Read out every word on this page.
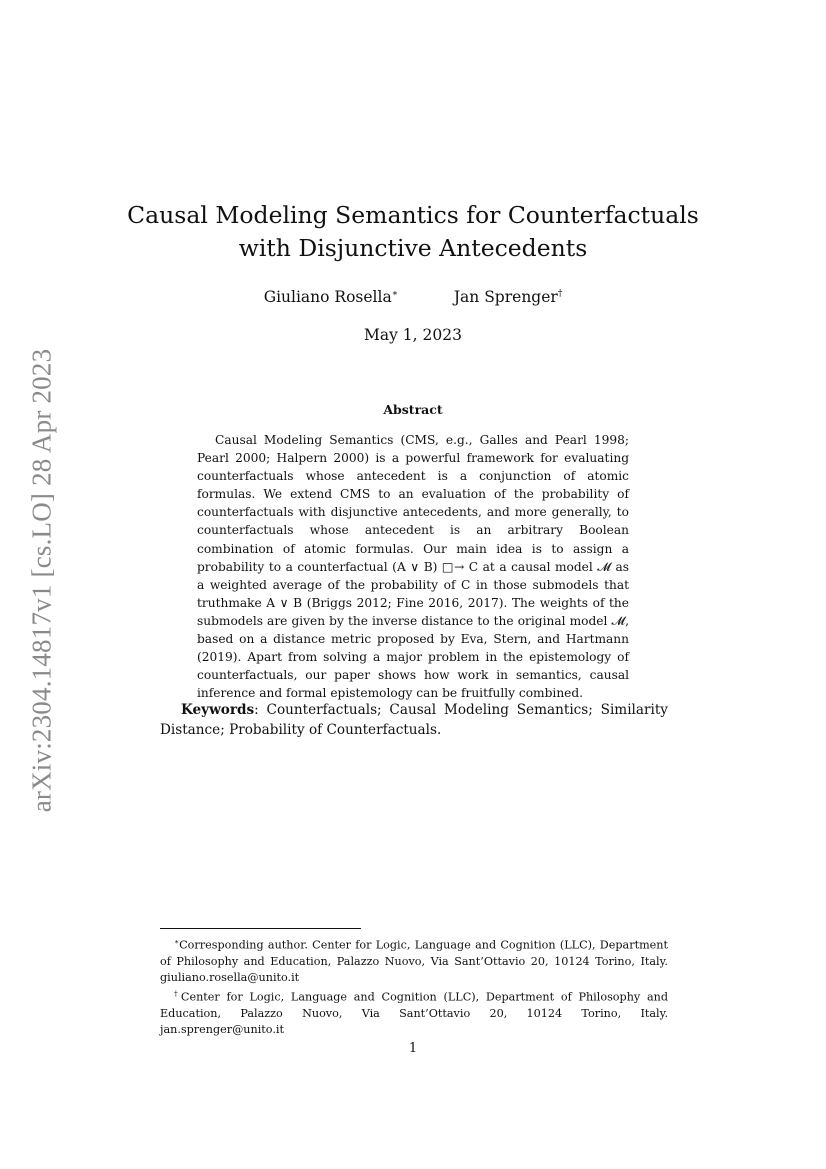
arXiv:2304.14817v1 [cs.LO] 28 Apr 2023
Causal Modeling Semantics for Counterfactuals
with Disjunctive Antecedents
Giuliano Rosella∗	Jan Sprenger†
May 1, 2023
Abstract

Causal Modeling Semantics (CMS, e.g., Galles and Pearl 1998; Pearl 2000; Halpern 2000) is a powerful framework for evaluating counterfactuals whose antecedent is a conjunction of atomic formulas. We extend CMS to an evaluation of the probability of counterfactuals with disjunctive antecedents, and more generally, to counterfactuals whose antecedent is an arbitrary Boolean combination of atomic formulas. Our main idea is to assign a probability to a counterfactual (A ∨ B) □→ C at a causal model 𝓜 as a weighted average of the probability of C in those submodels that truthmake A ∨ B (Briggs 2012; Fine 2016, 2017). The weights of the submodels are given by the inverse distance to the original model 𝓜, based on a distance metric proposed by Eva, Stern, and Hartmann (2019). Apart from solving a major problem in the epistemology of counterfactuals, our paper shows how work in semantics, causal inference and formal epistemology can be fruitfully combined.

Keywords: Counterfactuals; Causal Modeling Semantics; Similarity Distance; Probability of Counterfactuals.

∗Corresponding author. Center for Logic, Language and Cognition (LLC), Department of Philosophy and Education, Palazzo Nuovo, Via Sant’Ottavio 20, 10124 Torino, Italy. giuliano.rosella@unito.it

†Center for Logic, Language and Cognition (LLC), Department of Philosophy and Education, Palazzo Nuovo, Via Sant’Ottavio 20, 10124 Torino, Italy. jan.sprenger@unito.it

1
